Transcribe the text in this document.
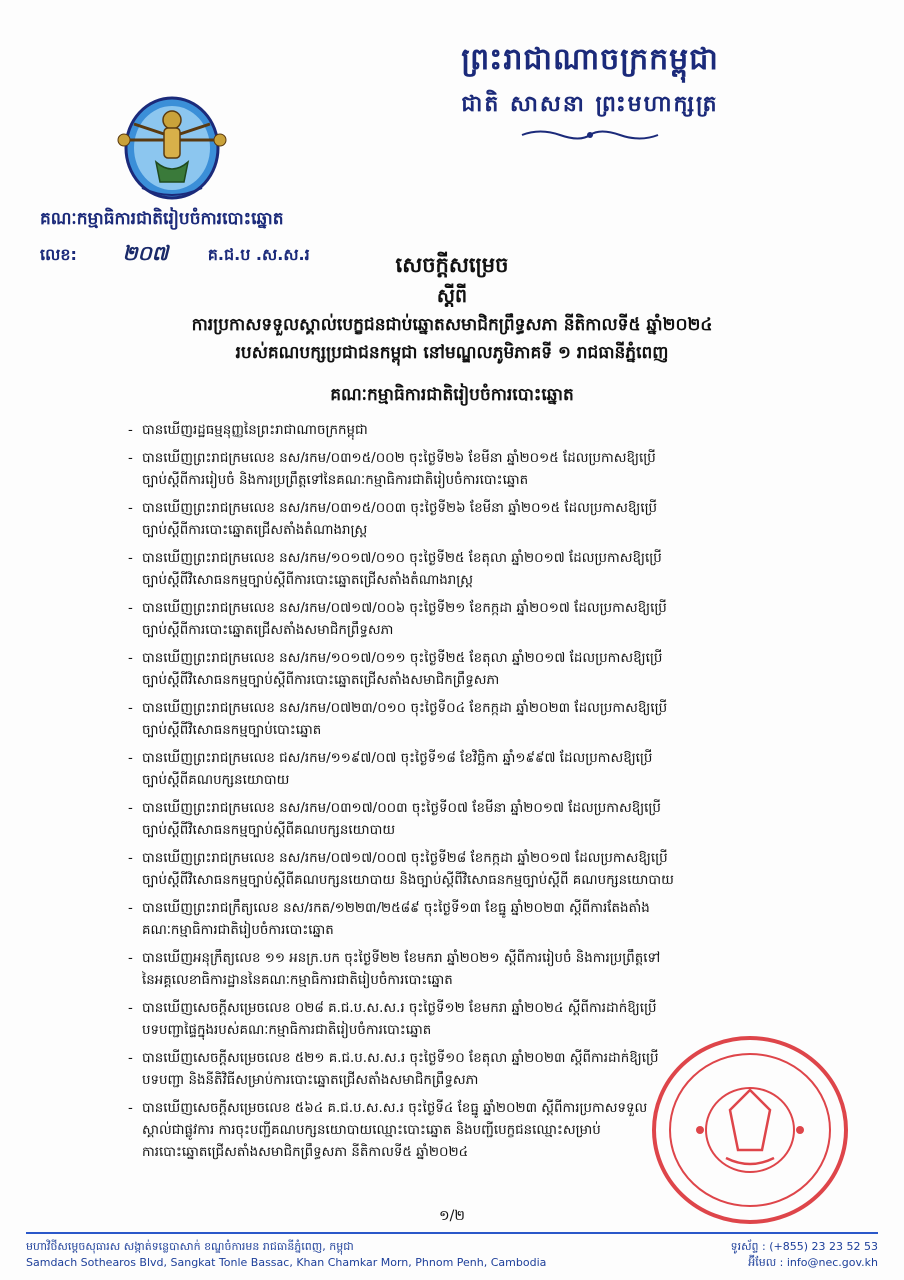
ព្រះរាជាណាចក្រកម្ពុជា
ជាតិ សាសនា ព្រះមហាក្សត្រ
គណៈកម្មាធិការជាតិរៀបចំការបោះឆ្នោត
លេខ: ២០៧ គ.ជ.ប .ស.ស.រ	សេចក្តីសម្រេច
ស្តីពី
ការប្រកាសទទួលស្គាល់បេក្ខជនជាប់ឆ្នោតសមាជិកព្រឹទ្ធសភា នីតិកាលទី៥ ឆ្នាំ២០២៤
របស់គណបក្សប្រជាជនកម្ពុជា នៅមណ្ឌលភូមិភាគទី ១ រាជធានីភ្នំពេញ
គណៈកម្មាធិការជាតិរៀបចំការបោះឆ្នោត
- បានឃើញរដ្ឋធម្មនុញ្ញនៃព្រះរាជាណាចក្រកម្ពុជា
- បានឃើញព្រះរាជក្រមលេខ នស/រកម/០៣១៥/០០២ ចុះថ្ងៃទី២៦ ខែមីនា ឆ្នាំ២០១៥ ដែលប្រកាសឱ្យប្រើ
ច្បាប់ស្តីពីការរៀបចំ និងការប្រព្រឹត្តទៅនៃគណៈកម្មាធិការជាតិរៀបចំការបោះឆ្នោត
- បានឃើញព្រះរាជក្រមលេខ នស/រកម/០៣១៥/០០៣ ចុះថ្ងៃទី២៦ ខែមីនា ឆ្នាំ២០១៥ ដែលប្រកាសឱ្យប្រើ
ច្បាប់ស្តីពីការបោះឆ្នោតជ្រើសតាំងតំណាងរាស្ត្រ
- បានឃើញព្រះរាជក្រមលេខ នស/រកម/១០១៧/០១០ ចុះថ្ងៃទី២៥ ខែតុលា ឆ្នាំ២០១៧ ដែលប្រកាសឱ្យប្រើ
ច្បាប់ស្តីពីវិសោធនកម្មច្បាប់ស្តីពីការបោះឆ្នោតជ្រើសតាំងតំណាងរាស្ត្រ
- បានឃើញព្រះរាជក្រមលេខ នស/រកម/០៧១៧/០០៦ ចុះថ្ងៃទី២១ ខែកក្កដា ឆ្នាំ២០១៧ ដែលប្រកាសឱ្យប្រើ
ច្បាប់ស្តីពីការបោះឆ្នោតជ្រើសតាំងសមាជិកព្រឹទ្ធសភា
- បានឃើញព្រះរាជក្រមលេខ នស/រកម/១០១៧/០១១ ចុះថ្ងៃទី២៥ ខែតុលា ឆ្នាំ២០១៧ ដែលប្រកាសឱ្យប្រើ
ច្បាប់ស្តីពីវិសោធនកម្មច្បាប់ស្តីពីការបោះឆ្នោតជ្រើសតាំងសមាជិកព្រឹទ្ធសភា
- បានឃើញព្រះរាជក្រមលេខ នស/រកម/០៧២៣/០១០ ចុះថ្ងៃទី០៤ ខែកក្កដា ឆ្នាំ២០២៣ ដែលប្រកាសឱ្យប្រើ
ច្បាប់ស្តីពីវិសោធនកម្មច្បាប់បោះឆ្នោត
- បានឃើញព្រះរាជក្រមលេខ ជស/រកម/១១៩៧/០៧ ចុះថ្ងៃទី១៨ ខែវិច្ឆិកា ឆ្នាំ១៩៩៧ ដែលប្រកាសឱ្យប្រើ
ច្បាប់ស្តីពីគណបក្សនយោបាយ
- បានឃើញព្រះរាជក្រមលេខ នស/រកម/០៣១៧/០០៣ ចុះថ្ងៃទី០៧ ខែមីនា ឆ្នាំ២០១៧ ដែលប្រកាសឱ្យប្រើ
ច្បាប់ស្តីពីវិសោធនកម្មច្បាប់ស្តីពីគណបក្សនយោបាយ
- បានឃើញព្រះរាជក្រមលេខ នស/រកម/០៧១៧/០០៧ ចុះថ្ងៃទី២៨ ខែកក្កដា ឆ្នាំ២០១៧ ដែលប្រកាសឱ្យប្រើ
ច្បាប់ស្តីពីវិសោធនកម្មច្បាប់ស្តីពីគណបក្សនយោបាយ និងច្បាប់ស្តីពីវិសោធនកម្មច្បាប់ស្តីពី គណបក្សនយោបាយ
- បានឃើញព្រះរាជក្រឹត្យលេខ នស/រកត/១២២៣/២៥៨៩ ចុះថ្ងៃទី១៣ ខែធ្នូ ឆ្នាំ២០២៣ ស្តីពីការតែងតាំង
គណៈកម្មាធិការជាតិរៀបចំការបោះឆ្នោត
- បានឃើញអនុក្រឹត្យលេខ ១១ អនក្រ.បក ចុះថ្ងៃទី២២ ខែមករា ឆ្នាំ២០២១ ស្តីពីការរៀបចំ និងការប្រព្រឹត្តទៅ
នៃអគ្គលេខាធិការដ្ឋាននៃគណៈកម្មាធិការជាតិរៀបចំការបោះឆ្នោត
- បានឃើញសេចក្តីសម្រេចលេខ ០២៨ គ.ជ.ប.ស.ស.រ ចុះថ្ងៃទី១២ ខែមករា ឆ្នាំ២០២៤ ស្តីពីការដាក់ឱ្យប្រើ
បទបញ្ជាផ្ទៃក្នុងរបស់គណៈកម្មាធិការជាតិរៀបចំការបោះឆ្នោត
- បានឃើញសេចក្តីសម្រេចលេខ ៥២១ គ.ជ.ប.ស.ស.រ ចុះថ្ងៃទី១០ ខែតុលា ឆ្នាំ២០២៣ ស្តីពីការដាក់ឱ្យប្រើ
បទបញ្ជា និងនីតិវិធីសម្រាប់ការបោះឆ្នោតជ្រើសតាំងសមាជិកព្រឹទ្ធសភា
- បានឃើញសេចក្តីសម្រេចលេខ ៥៦៤ គ.ជ.ប.ស.ស.រ ចុះថ្ងៃទី៤ ខែធ្នូ ឆ្នាំ២០២៣ ស្តីពីការប្រកាសទទួល
ស្គាល់ជាផ្លូវការ ការចុះបញ្ជីគណបក្សនយោបាយឈ្មោះបោះឆ្នោត និងបញ្ជីបេក្ខជនឈ្មោះសម្រាប់
ការបោះឆ្នោតជ្រើសតាំងសមាជិកព្រឹទ្ធសភា នីតិកាលទី៥ ឆ្នាំ២០២៤
១/២
មហាវិថីសម្តេចសុធារស សង្កាត់ទន្លេបាសាក់ ខណ្ឌចំការមន រាជធានីភ្នំពេញ, កម្ពុជា
Samdach Sothearos Blvd, Sangkat Tonle Bassac, Khan Chamkar Morn, Phnom Penh, Cambodia
ទូរស័ព្ទ : (+855) 23 23 52 53
អ៊ីមែល : info@nec.gov.kh
